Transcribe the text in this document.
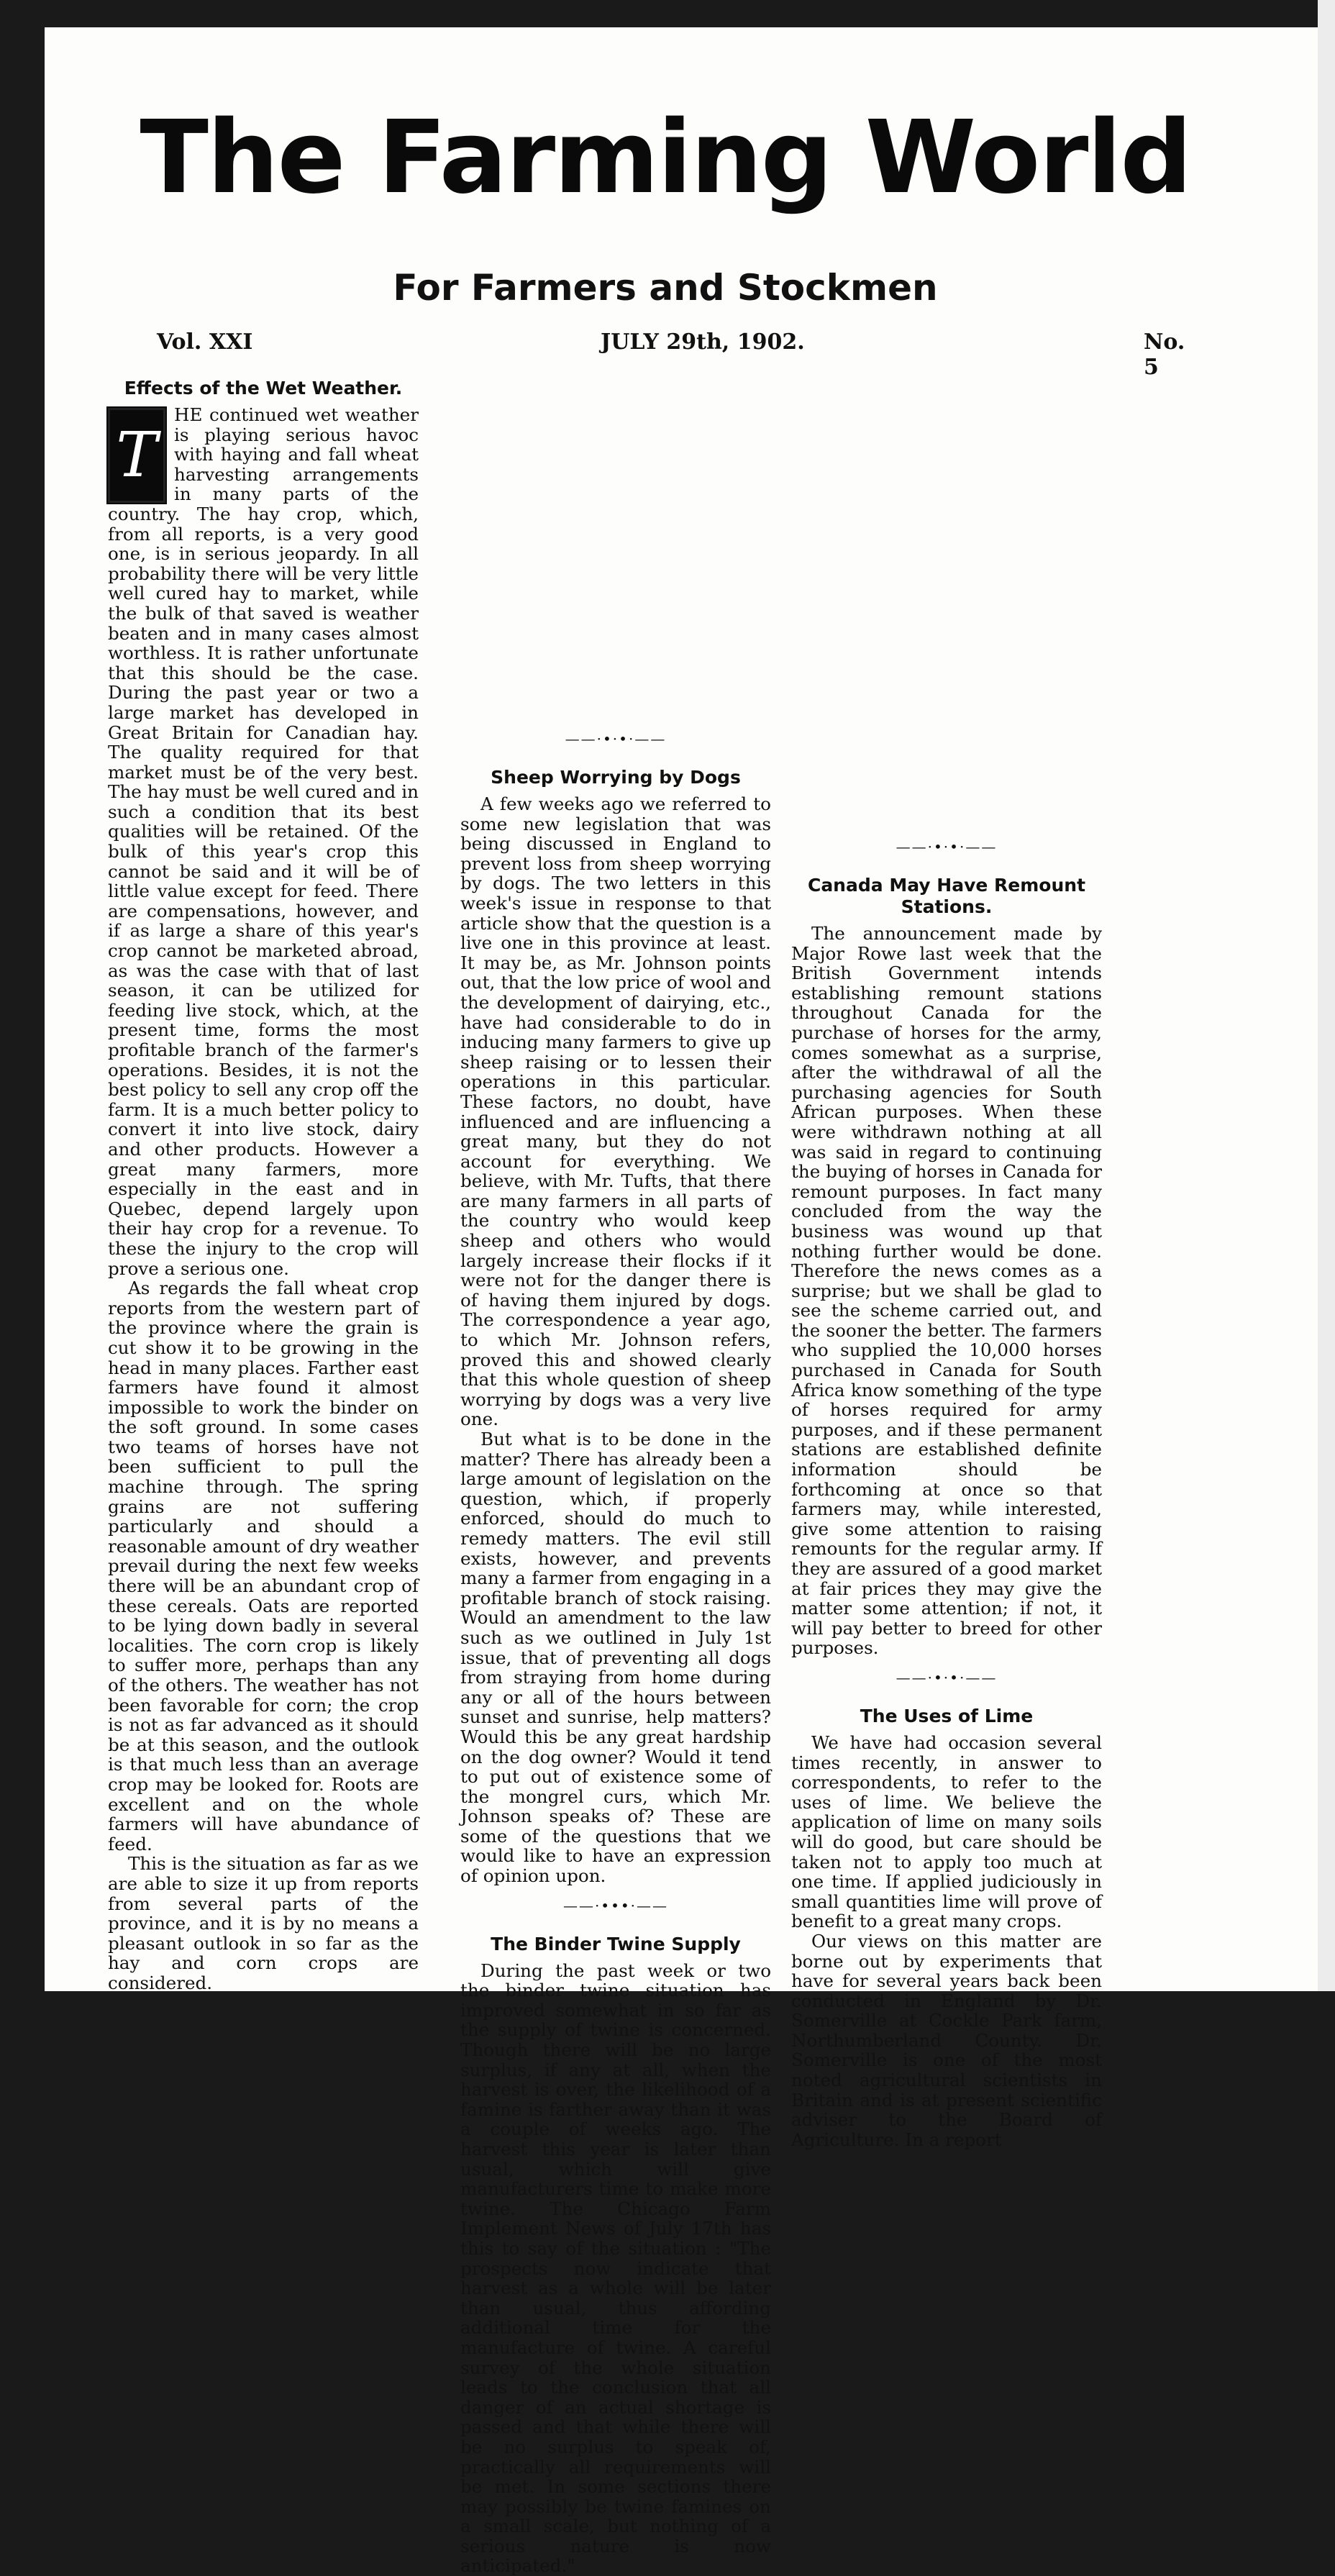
The Farming World
For Farmers and Stockmen
Vol. XXI	JULY 29th, 1902.	No. 5
Effects of the Wet Weather.

T
HE continued wet weather is playing serious havoc with haying and fall wheat harvesting arrangements in many parts of the country. The hay crop, which, from all reports, is a very good one, is in serious jeopardy. In all probability there will be very little well cured hay to market, while the bulk of that saved is weather beaten and in many cases almost worthless. It is rather unfortunate that this should be the case. During the past year or two a large market has developed in Great Britain for Canadian hay. The quality required for that market must be of the very best. The hay must be well cured and in such a condition that its best qualities will be retained. Of the bulk of this year's crop this cannot be said and it will be of little value except for feed. There are compensations, however, and if as large a share of this year's crop cannot be marketed abroad, as was the case with that of last season, it can be utilized for feeding live stock, which, at the present time, forms the most profitable branch of the farmer's operations. Besides, it is not the best policy to sell any crop off the farm. It is a much better policy to convert it into live stock, dairy and other products. However a great many farmers, more especially in the east and in Quebec, depend largely upon their hay crop for a revenue. To these the injury to the crop will prove a serious one.

As regards the fall wheat crop reports from the western part of the province where the grain is cut show it to be growing in the head in many places. Farther east farmers have found it almost impossible to work the binder on the soft ground. In some cases two teams of horses have not been sufficient to pull the machine through. The spring grains are not suffering particularly and should a reasonable amount of dry weather prevail during the next few weeks there will be an abundant crop of these cereals. Oats are reported to be lying down badly in several localities. The corn crop is likely to suffer more, perhaps than any of the others. The weather has not been favorable for corn; the crop is not as far advanced as it should be at this season, and the outlook is that much less than an average crop may be looked for. Roots are excellent and on the whole farmers will have abundance of feed.

This is the situation as far as we are able to size it up from reports from several parts of the province, and it is by no means a pleasant outlook in so far as the hay and corn crops are considered.

——·•·•·——
Sheep Worrying by Dogs

A few weeks ago we referred to some new legislation that was being discussed in England to prevent loss from sheep worrying by dogs. The two letters in this week's issue in response to that article show that the question is a live one in this province at least. It may be, as Mr. Johnson points out, that the low price of wool and the development of dairying, etc., have had considerable to do in inducing many farmers to give up sheep raising or to lessen their operations in this particular. These factors, no doubt, have influenced and are influencing a great many, but they do not account for everything. We believe, with Mr. Tufts, that there are many farmers in all parts of the country who would keep sheep and others who would largely increase their flocks if it were not for the danger there is of having them injured by dogs. The correspondence a year ago, to which Mr. Johnson refers, proved this and showed clearly that this whole question of sheep worrying by dogs was a very live one.

But what is to be done in the matter? There has already been a large amount of legislation on the question, which, if properly enforced, should do much to remedy matters. The evil still exists, however, and prevents many a farmer from engaging in a profitable branch of stock raising. Would an amendment to the law such as we outlined in July 1st issue, that of preventing all dogs from straying from home during any or all of the hours between sunset and sunrise, help matters? Would this be any great hardship on the dog owner? Would it tend to put out of existence some of the mongrel curs, which Mr. Johnson speaks of? These are some of the questions that we would like to have an expression of opinion upon.

——·•••·——
The Binder Twine Supply

During the past week or two the binder twine situation has improved somewhat in so far as the supply of twine is concerned. Though there will be no large surplus, if any at all, when the harvest is over, the likelihood of a famine is farther away than it was a couple of weeks ago. The harvest this year is later than usual, which will give manufacturers time to make more twine. The Chicago Farm Implement News of July 17th has this to say of the situation : "The prospects now indicate that harvest as a whole will be later than usual, thus affording additional time for the manufacture of twine. A careful survey of the whole situation leads to the conclusion that all danger of an actual shortage is passed and that while there will be no surplus to speak of, practically all requirements will be met. In some sections there may possibly be twine famines on a small scale, but nothing of a serious nature is now anticipated."

——·•·•·——
Canada May Have Remount Stations.

The announcement made by Major Rowe last week that the British Government intends establishing remount stations throughout Canada for the purchase of horses for the army, comes somewhat as a surprise, after the withdrawal of all the purchasing agencies for South African purposes. When these were withdrawn nothing at all was said in regard to continuing the buying of horses in Canada for remount purposes. In fact many concluded from the way the business was wound up that nothing further would be done. Therefore the news comes as a surprise; but we shall be glad to see the scheme carried out, and the sooner the better. The farmers who supplied the 10,000 horses purchased in Canada for South Africa know something of the type of horses required for army purposes, and if these permanent stations are established definite information should be forthcoming at once so that farmers may, while interested, give some attention to raising remounts for the regular army. If they are assured of a good market at fair prices they may give the matter some attention; if not, it will pay better to breed for other purposes.

——·•·•·——
The Uses of Lime

We have had occasion several times recently, in answer to correspondents, to refer to the uses of lime. We believe the application of lime on many soils will do good, but care should be taken not to apply too much at one time. If applied judiciously in small quantities lime will prove of benefit to a great many crops.

Our views on this matter are borne out by experiments that have for several years back been conducted in England by Dr. Somerville at Cockle Park farm, Northumberland County. Dr. Somerville is one of the most noted agricultural scientists in Britain and is at present scientific adviser to the Board of Agriculture. In a report
